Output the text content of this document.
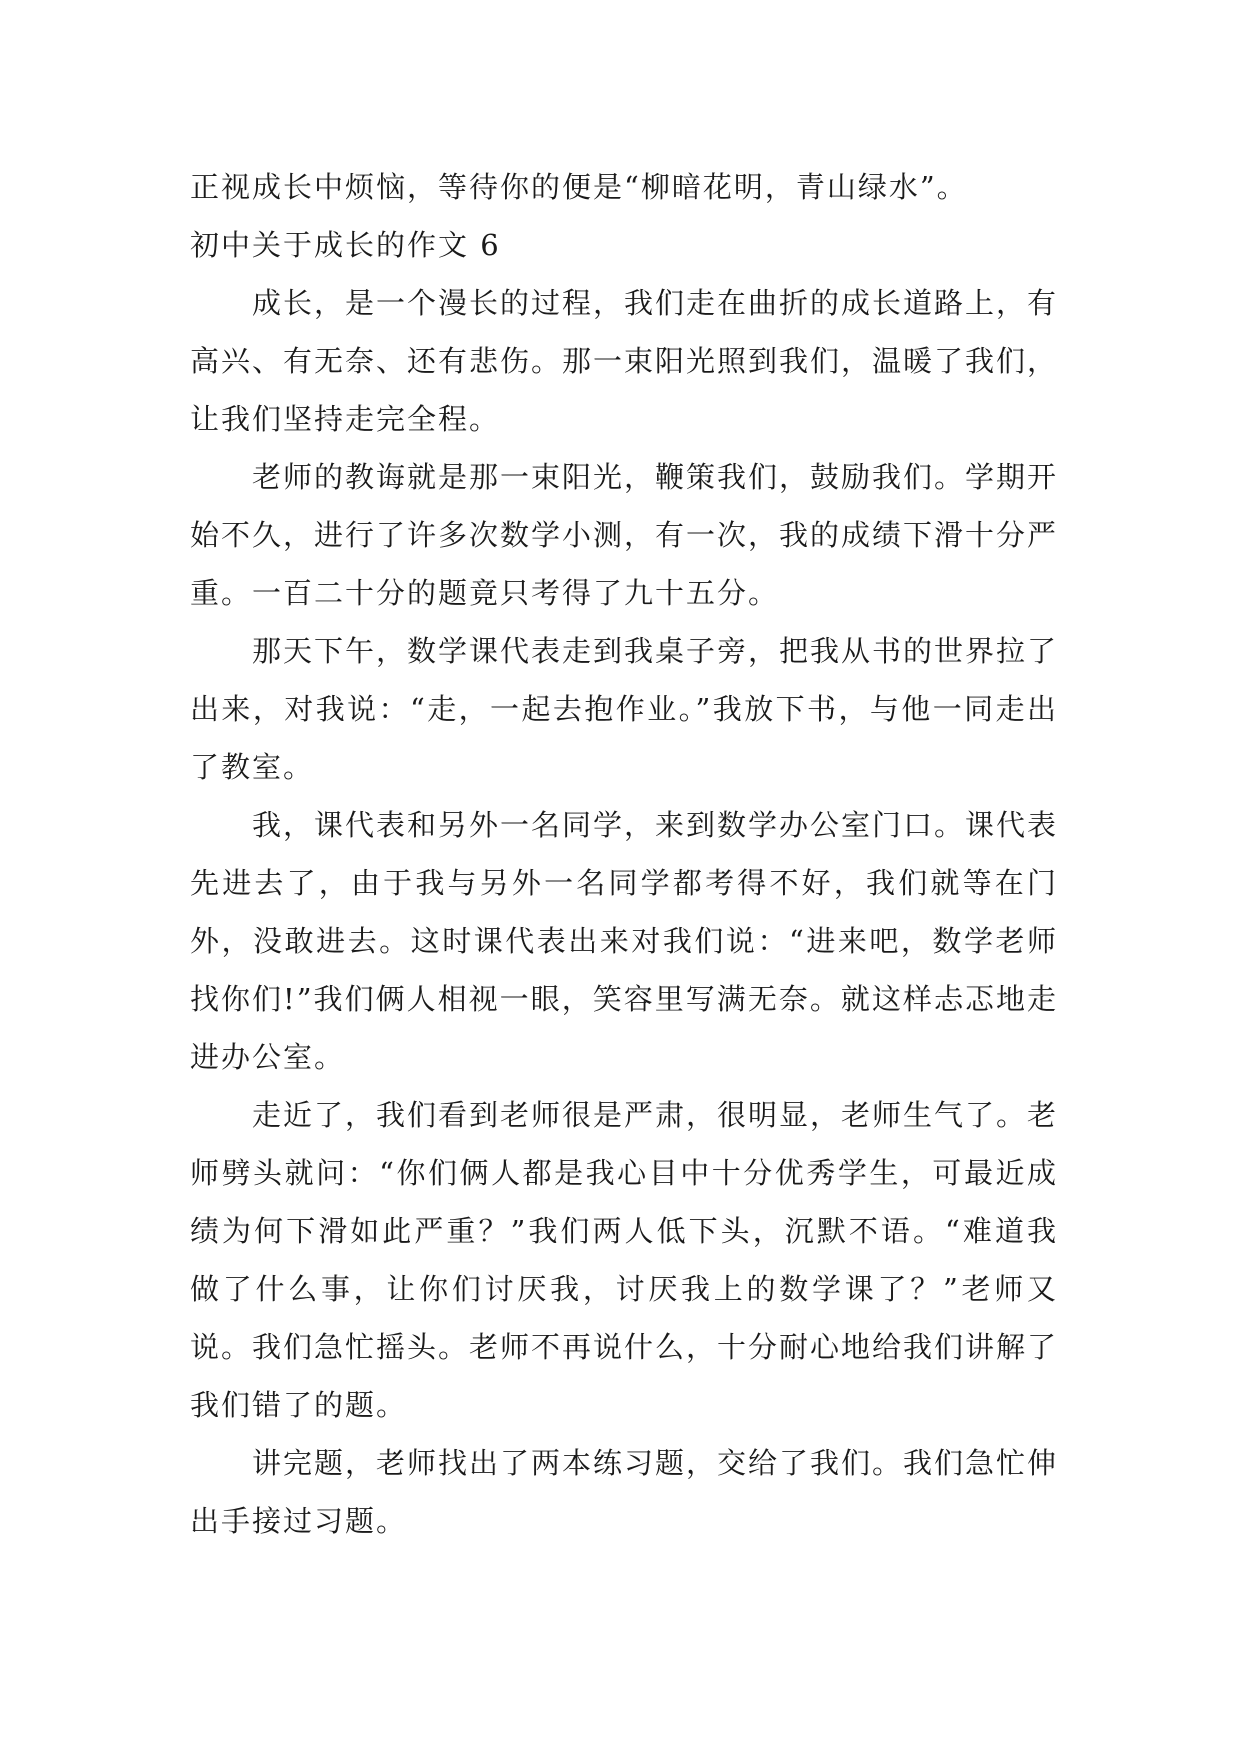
正视成长中烦恼，等待你的便是“柳暗花明，青山绿水”。

初中关于成长的作文 6

成长，是一个漫长的过程，我们走在曲折的成长道路上，有高兴、有无奈、还有悲伤。那一束阳光照到我们，温暖了我们，让我们坚持走完全程。

老师的教诲就是那一束阳光，鞭策我们，鼓励我们。学期开始不久，进行了许多次数学小测，有一次，我的成绩下滑十分严重。一百二十分的题竟只考得了九十五分。

那天下午，数学课代表走到我桌子旁，把我从书的世界拉了出来，对我说：“走，一起去抱作业。”我放下书，与他一同走出了教室。

我，课代表和另外一名同学，来到数学办公室门口。课代表先进去了，由于我与另外一名同学都考得不好，我们就等在门外，没敢进去。这时课代表出来对我们说：“进来吧，数学老师找你们!”我们俩人相视一眼，笑容里写满无奈。就这样忐忑地走进办公室。

走近了，我们看到老师很是严肃，很明显，老师生气了。老师劈头就问：“你们俩人都是我心目中十分优秀学生，可最近成绩为何下滑如此严重？”我们两人低下头，沉默不语。“难道我做了什么事，让你们讨厌我，讨厌我上的数学课了？”老师又说。我们急忙摇头。老师不再说什么，十分耐心地给我们讲解了我们错了的题。

讲完题，老师找出了两本练习题，交给了我们。我们急忙伸出手接过习题。
